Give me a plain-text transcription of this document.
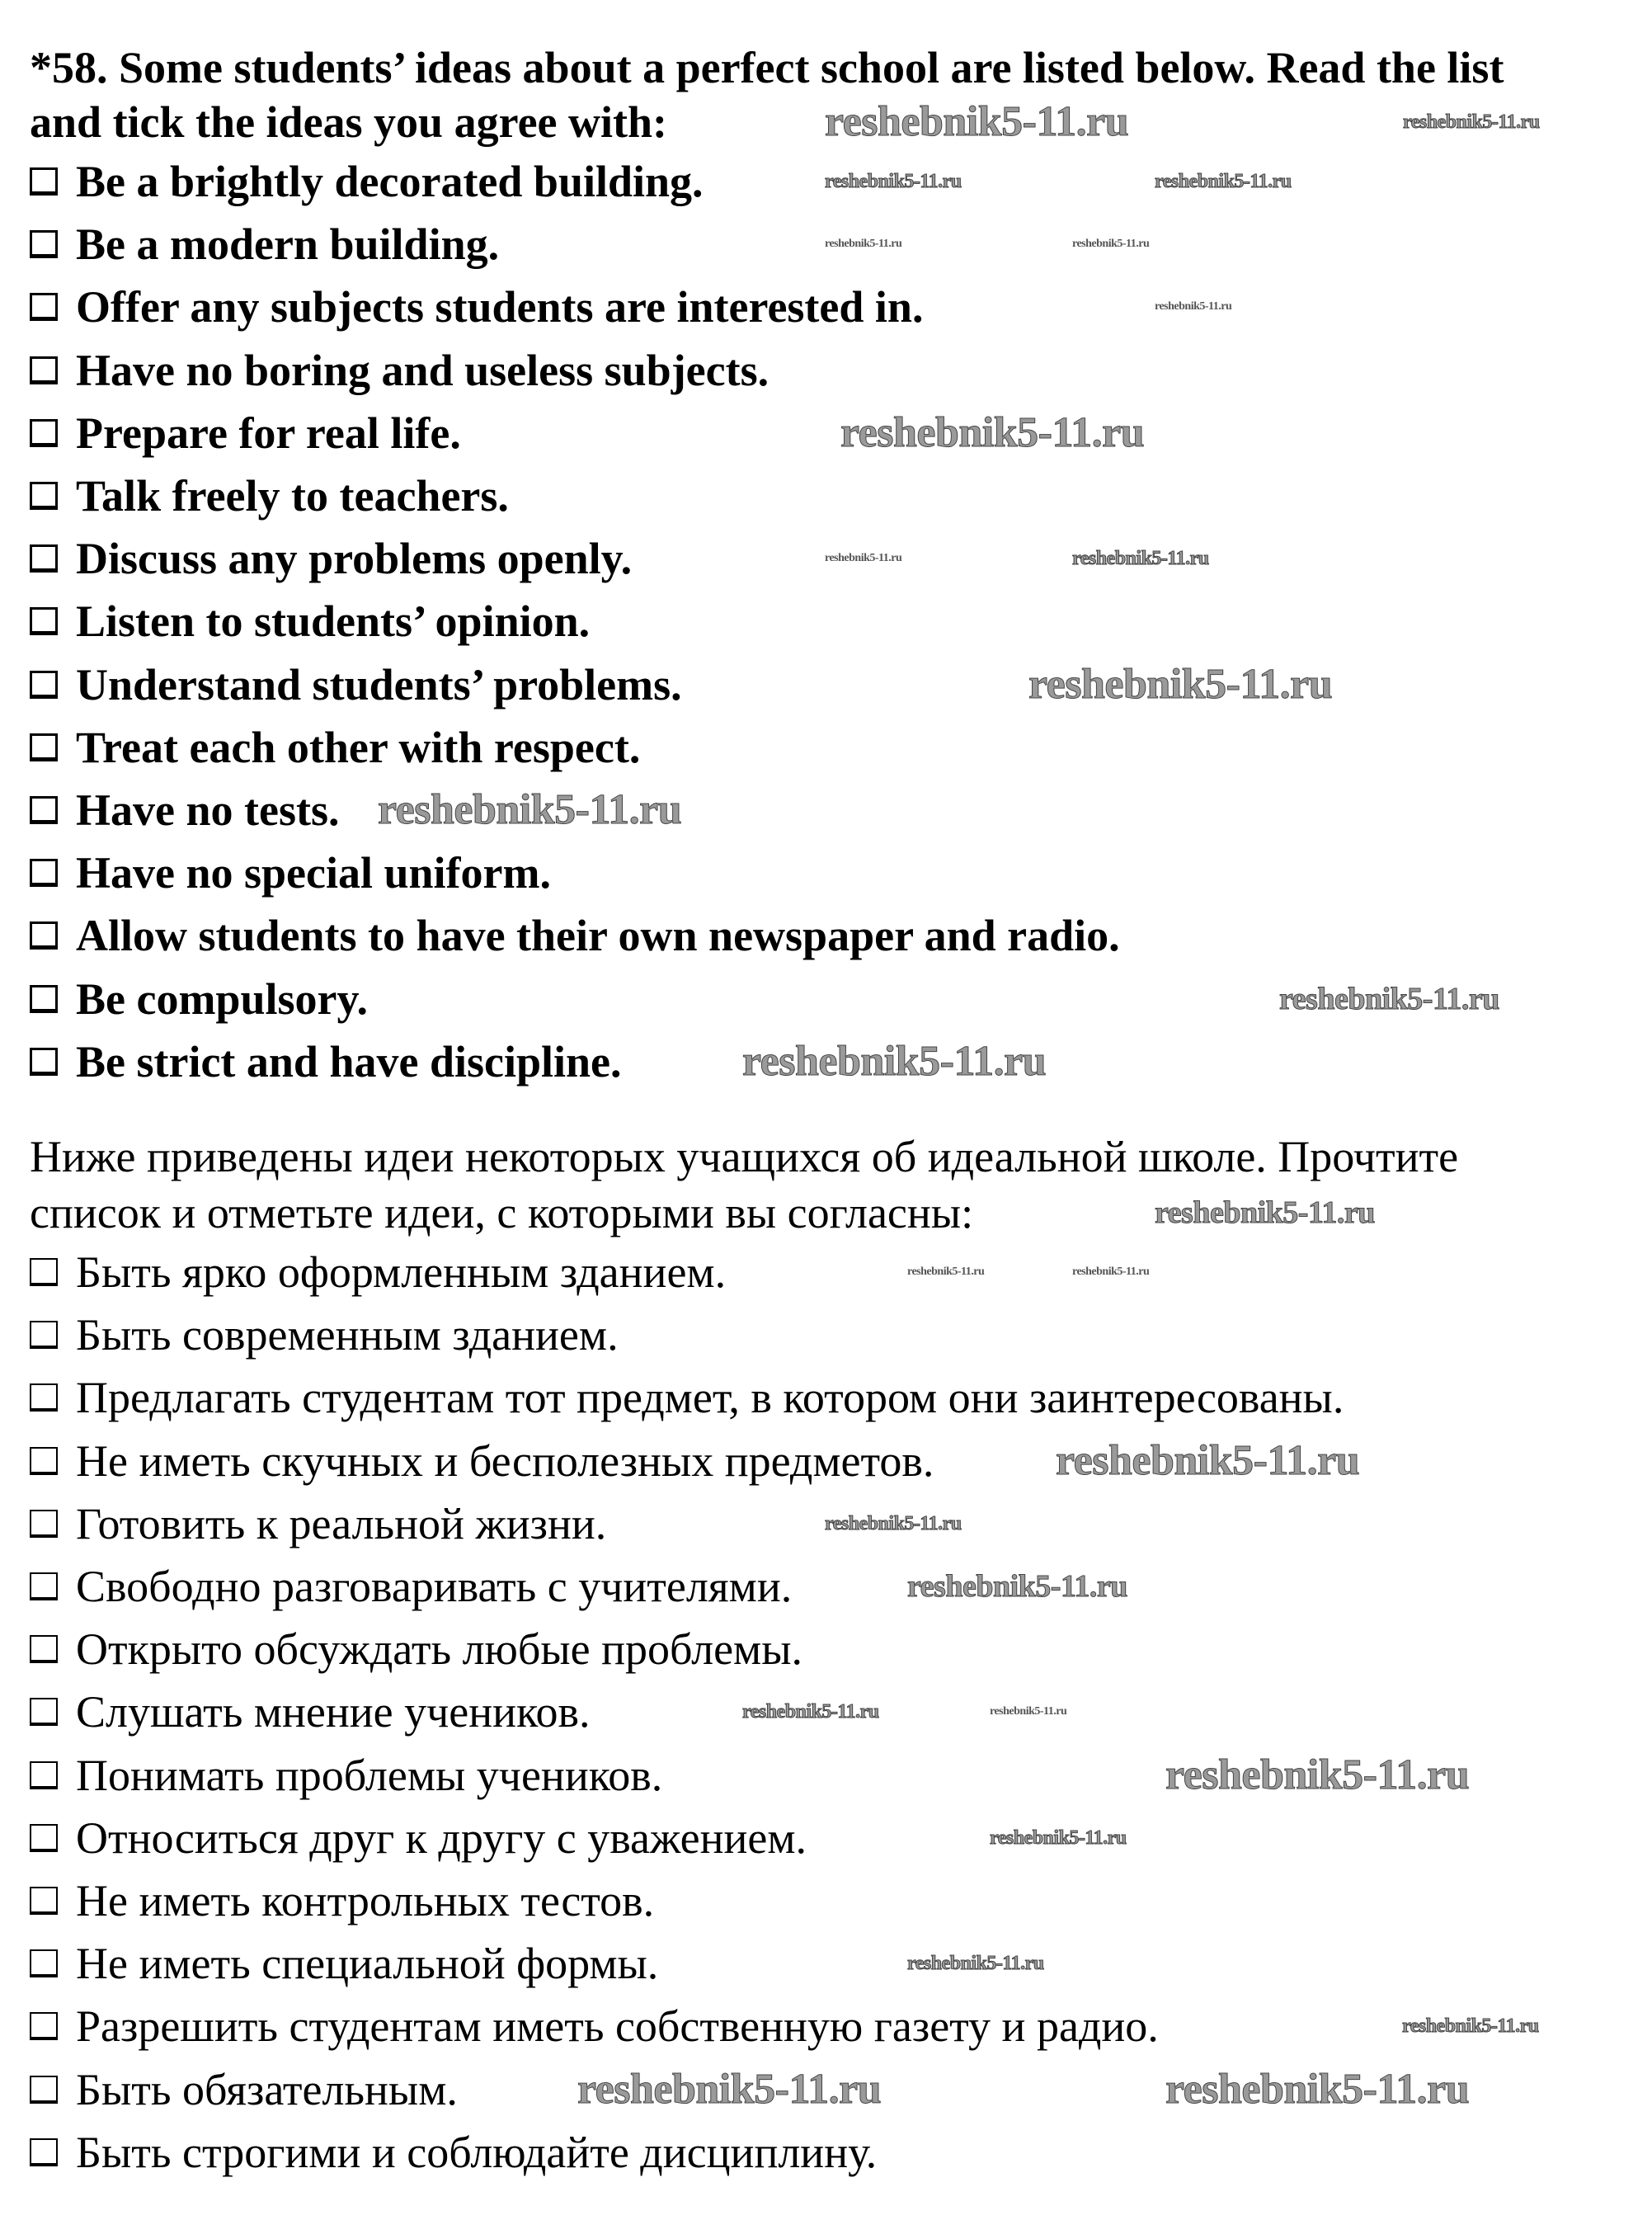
*58. Some students’ ideas about a perfect school are listed below. Read the list
and tick the ideas you agree with:
Be a brightly decorated building.
Be a modern building.
Offer any subjects students are interested in.
Have no boring and useless subjects.
Prepare for real life.
Talk freely to teachers.
Discuss any problems openly.
Listen to students’ opinion.
Understand students’ problems.
Treat each other with respect.
Have no tests.
Have no special uniform.
Allow students to have their own newspaper and radio.
Be compulsory.
Be strict and have discipline.
Ниже приведены идеи некоторых учащихся об идеальной школе. Прочтите
список и отметьте идеи, с которыми вы согласны:
Быть ярко оформленным зданием.
Быть современным зданием.
Предлагать студентам тот предмет, в котором они заинтересованы.
Не иметь скучных и бесполезных предметов.
Готовить к реальной жизни.
Свободно разговаривать с учителями.
Открыто обсуждать любые проблемы.
Слушать мнение учеников.
Понимать проблемы учеников.
Относиться друг к другу с уважением.
Не иметь контрольных тестов.
Не иметь специальной формы.
Разрешить студентам иметь собственную газету и радио.
Быть обязательным.
Быть строгими и соблюдайте дисциплину.
reshebnik5-11.ru	reshebnik5-11.ru
reshebnik5-11.ru	reshebnik5-11.ru
reshebnik5-11.ru	reshebnik5-11.ru
reshebnik5-11.ru
reshebnik5-11.ru
reshebnik5-11.ru	reshebnik5-11.ru
reshebnik5-11.ru
reshebnik5-11.ru
reshebnik5-11.ru
reshebnik5-11.ru
reshebnik5-11.ru
reshebnik5-11.ru	reshebnik5-11.ru
reshebnik5-11.ru
reshebnik5-11.ru
reshebnik5-11.ru
reshebnik5-11.ru	reshebnik5-11.ru
reshebnik5-11.ru
reshebnik5-11.ru
reshebnik5-11.ru
reshebnik5-11.ru
reshebnik5-11.ru	reshebnik5-11.ru
